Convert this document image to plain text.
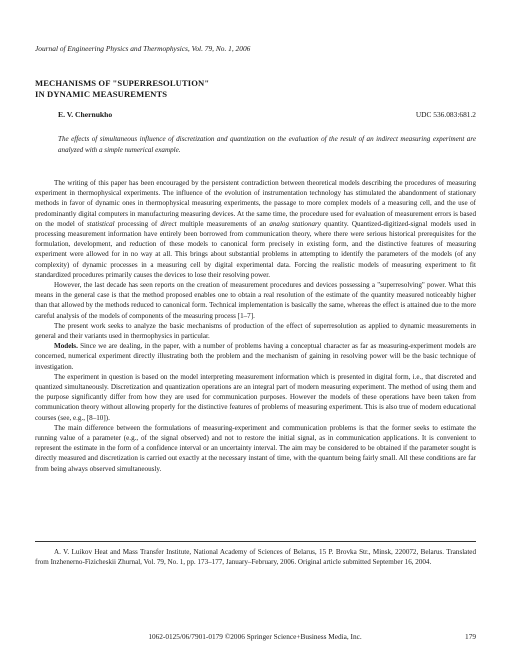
Journal of Engineering Physics and Thermophysics, Vol. 79, No. 1, 2006
MECHANISMS OF "SUPERRESOLUTION"
IN DYNAMIC MEASUREMENTS
E. V. Chernukho	UDC 536.083:681.2
The effects of simultaneous influence of discretization and quantization on the evaluation of the result of an indirect measuring experiment are analyzed with a simple numerical example.

The writing of this paper has been encouraged by the persistent contradiction between theoretical models describing the procedures of measuring experiment in thermophysical experiments. The influence of the evolution of instrumentation technology has stimulated the abandonment of stationary methods in favor of dynamic ones in thermophysical measuring experiments, the passage to more complex models of a measuring cell, and the use of predominantly digital computers in manufacturing measuring devices. At the same time, the procedure used for evaluation of measurement errors is based on the model of statistical processing of direct multiple measurements of an analog stationary quantity. Quantized-digitized-signal models used in processing measurement information have entirely been borrowed from communication theory, where there were serious historical prerequisites for the formulation, development, and reduction of these models to canonical form precisely in existing form, and the distinctive features of measuring experiment were allowed for in no way at all. This brings about substantial problems in attempting to identify the parameters of the models (of any complexity) of dynamic processes in a measuring cell by digital experimental data. Forcing the realistic models of measuring experiment to fit standardized procedures primarily causes the devices to lose their resolving power.

However, the last decade has seen reports on the creation of measurement procedures and devices possessing a "superresolving" power. What this means in the general case is that the method proposed enables one to obtain a real resolution of the estimate of the quantity measured noticeably higher than that allowed by the methods reduced to canonical form. Technical implementation is basically the same, whereas the effect is attained due to the more careful analysis of the models of components of the measuring process [1–7].

The present work seeks to analyze the basic mechanisms of production of the effect of superresolution as applied to dynamic measurements in general and their variants used in thermophysics in particular.

Models. Since we are dealing, in the paper, with a number of problems having a conceptual character as far as measuring-experiment models are concerned, numerical experiment directly illustrating both the problem and the mechanism of gaining in resolving power will be the basic technique of investigation.

The experiment in question is based on the model interpreting measurement information which is presented in digital form, i.e., that discreted and quantized simultaneously. Discretization and quantization operations are an integral part of modern measuring experiment. The method of using them and the purpose significantly differ from how they are used for communication purposes. However the models of these operations have been taken from communication theory without allowing properly for the distinctive features of problems of measuring experiment. This is also true of modern educational courses (see, e.g., [8–10]).

The main difference between the formulations of measuring-experiment and communication problems is that the former seeks to estimate the running value of a parameter (e.g., of the signal observed) and not to restore the initial signal, as in communication applications. It is convenient to represent the estimate in the form of a confidence interval or an uncertainty interval. The aim may be considered to be obtained if the parameter sought is directly measured and discretization is carried out exactly at the necessary instant of time, with the quantum being fairly small. All these conditions are far from being always observed simultaneously.

A. V. Luikov Heat and Mass Transfer Institute, National Academy of Sciences of Belarus, 15 P. Brovka Str., Minsk, 220072, Belarus. Translated from Inzhenerno-Fizicheskii Zhurnal, Vol. 79, No. 1, pp. 173–177, January–February, 2006. Original article submitted September 16, 2004.
1062-0125/06/7901-0179 ©2006 Springer Science+Business Media, Inc.	179
